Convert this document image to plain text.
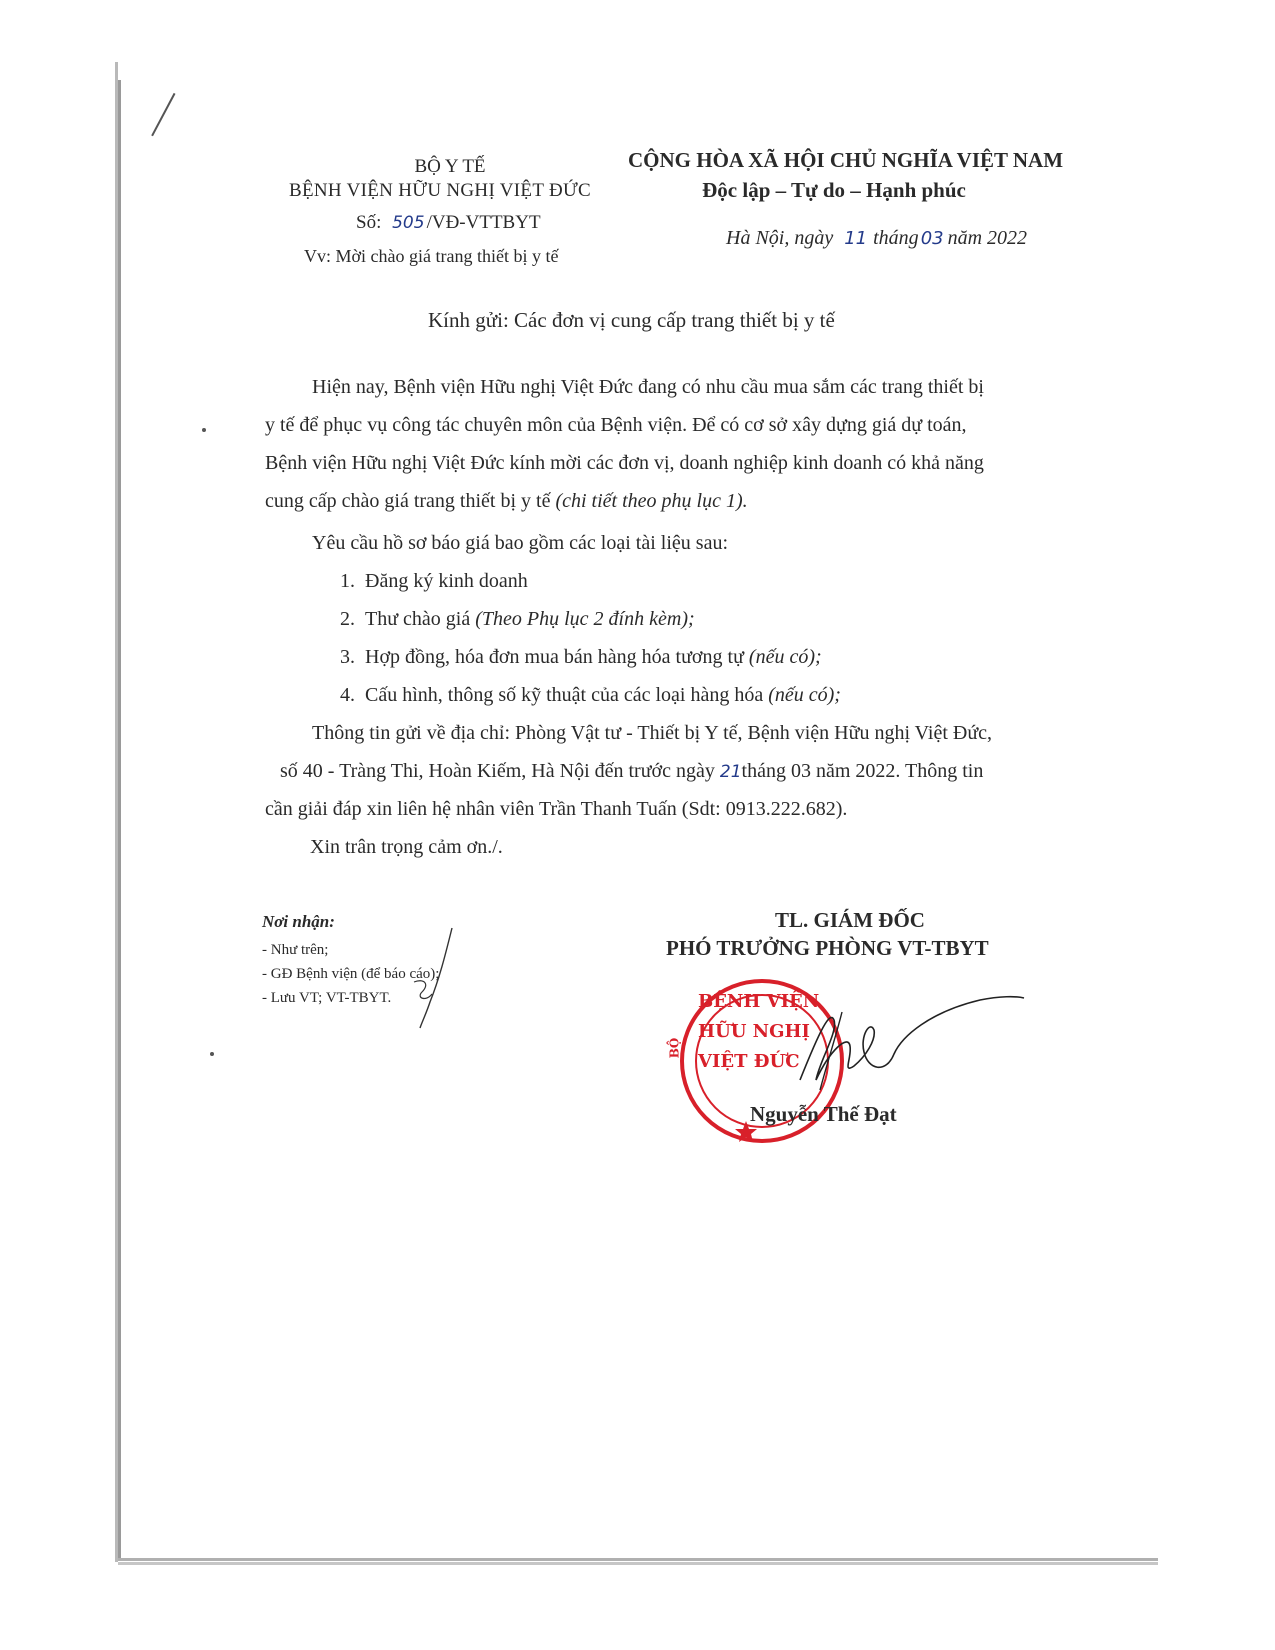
BỘ Y TẾ
BỆNH VIỆN HỮU NGHỊ VIỆT ĐỨC
Số: 505 /VĐ-VTTBYT
Vv: Mời chào giá trang thiết bị y tế
CỘNG HÒA XÃ HỘI CHỦ NGHĨA VIỆT NAM
Độc lập – Tự do – Hạnh phúc
Hà Nội, ngày 11 tháng 03 năm 2022
Kính gửi: Các đơn vị cung cấp trang thiết bị y tế
Hiện nay, Bệnh viện Hữu nghị Việt Đức đang có nhu cầu mua sắm các trang thiết bị
y tế để phục vụ công tác chuyên môn của Bệnh viện. Để có cơ sở xây dựng giá dự toán,
Bệnh viện Hữu nghị Việt Đức kính mời các đơn vị, doanh nghiệp kinh doanh có khả năng
cung cấp chào giá trang thiết bị y tế (chi tiết theo phụ lục 1).
Yêu cầu hồ sơ báo giá bao gồm các loại tài liệu sau:
1. Đăng ký kinh doanh
2. Thư chào giá (Theo Phụ lục 2 đính kèm);
3. Hợp đồng, hóa đơn mua bán hàng hóa tương tự (nếu có);
4. Cấu hình, thông số kỹ thuật của các loại hàng hóa (nếu có);
Thông tin gửi về địa chỉ: Phòng Vật tư - Thiết bị Y tế, Bệnh viện Hữu nghị Việt Đức,
số 40 - Tràng Thi, Hoàn Kiếm, Hà Nội đến trước ngày 21tháng 03 năm 2022. Thông tin
cần giải đáp xin liên hệ nhân viên Trần Thanh Tuấn (Sdt: 0913.222.682).
Xin trân trọng cảm ơn./.
Nơi nhận:
- Như trên;
- GĐ Bệnh viện (để báo cáo);
- Lưu VT; VT-TBYT.
TL. GIÁM ĐỐC
PHÓ TRƯỞNG PHÒNG VT-TBYT
BỆNH VIỆN
HỮU NGHỊ
VIỆT ĐỨC
BỘ
Nguyễn Thế Đạt
